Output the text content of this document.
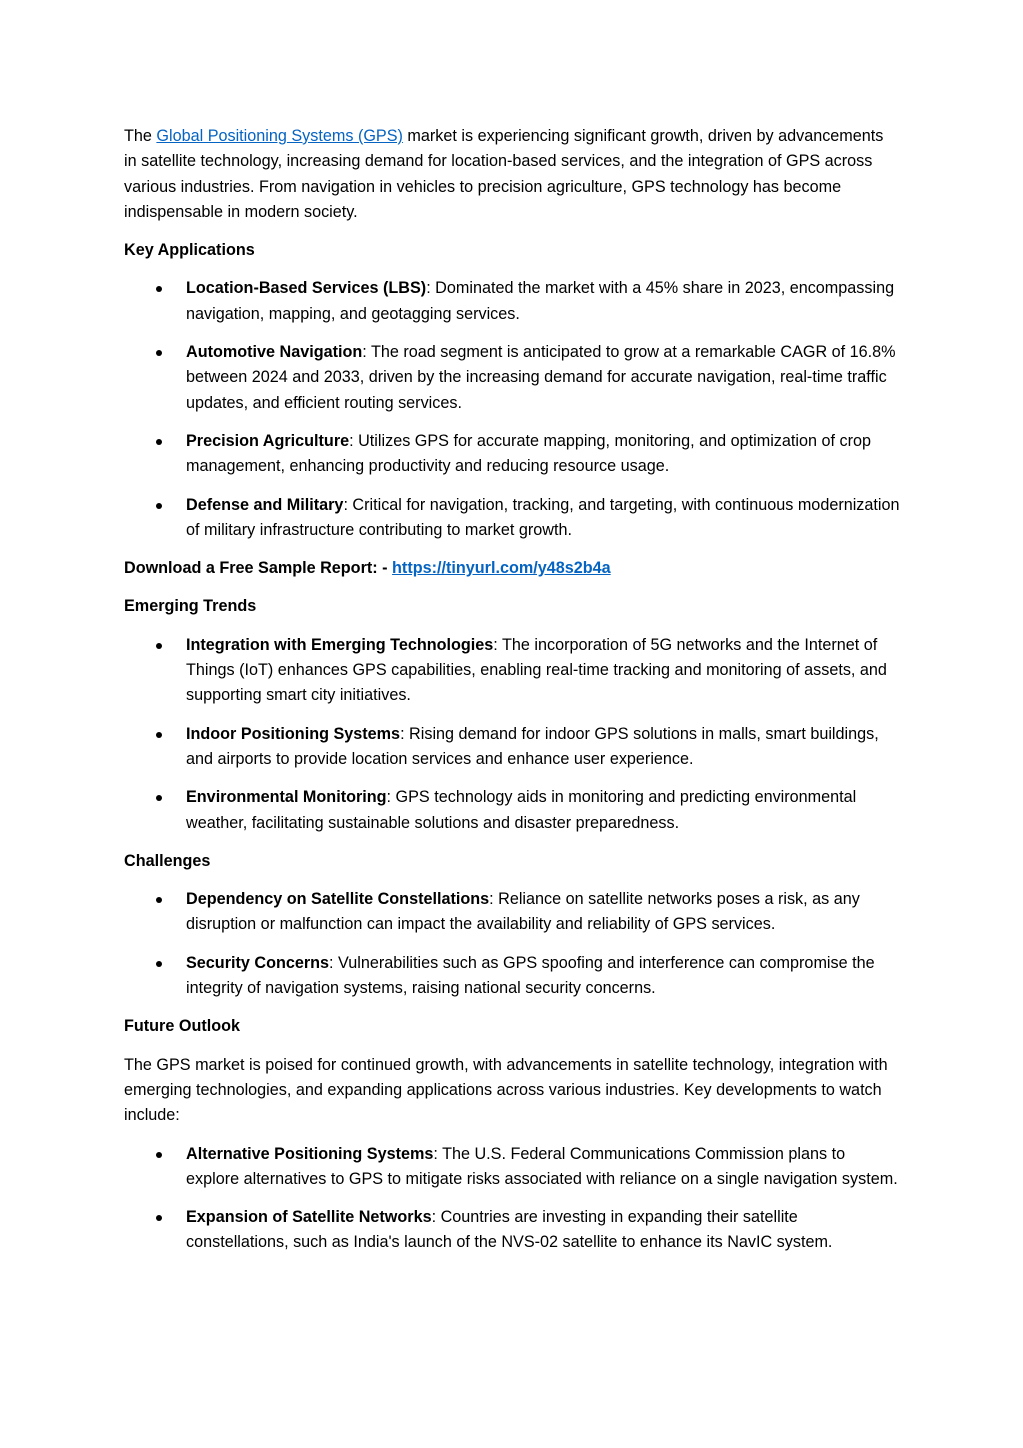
The Global Positioning Systems (GPS) market is experiencing significant growth, driven by advancements in satellite technology, increasing demand for location-based services, and the integration of GPS across various industries. From navigation in vehicles to precision agriculture, GPS technology has become indispensable in modern society.

Key Applications
Location-Based Services (LBS): Dominated the market with a 45% share in 2023, encompassing navigation, mapping, and geotagging services.
Automotive Navigation: The road segment is anticipated to grow at a remarkable CAGR of 16.8% between 2024 and 2033, driven by the increasing demand for accurate navigation, real-time traffic updates, and efficient routing services.
Precision Agriculture: Utilizes GPS for accurate mapping, monitoring, and optimization of crop management, enhancing productivity and reducing resource usage.
Defense and Military: Critical for navigation, tracking, and targeting, with continuous modernization of military infrastructure contributing to market growth.

Download a Free Sample Report: - https://tinyurl.com/y48s2b4a

Emerging Trends
Integration with Emerging Technologies: The incorporation of 5G networks and the Internet of Things (IoT) enhances GPS capabilities, enabling real-time tracking and monitoring of assets, and supporting smart city initiatives.
Indoor Positioning Systems: Rising demand for indoor GPS solutions in malls, smart buildings, and airports to provide location services and enhance user experience.
Environmental Monitoring: GPS technology aids in monitoring and predicting environmental weather, facilitating sustainable solutions and disaster preparedness.
Challenges
Dependency on Satellite Constellations: Reliance on satellite networks poses a risk, as any disruption or malfunction can impact the availability and reliability of GPS services.
Security Concerns: Vulnerabilities such as GPS spoofing and interference can compromise the integrity of navigation systems, raising national security concerns.
Future Outlook

The GPS market is poised for continued growth, with advancements in satellite technology, integration with emerging technologies, and expanding applications across various industries. Key developments to watch include:

Alternative Positioning Systems: The U.S. Federal Communications Commission plans to explore alternatives to GPS to mitigate risks associated with reliance on a single navigation system.
Expansion of Satellite Networks: Countries are investing in expanding their satellite constellations, such as India's launch of the NVS-02 satellite to enhance its NavIC system.
